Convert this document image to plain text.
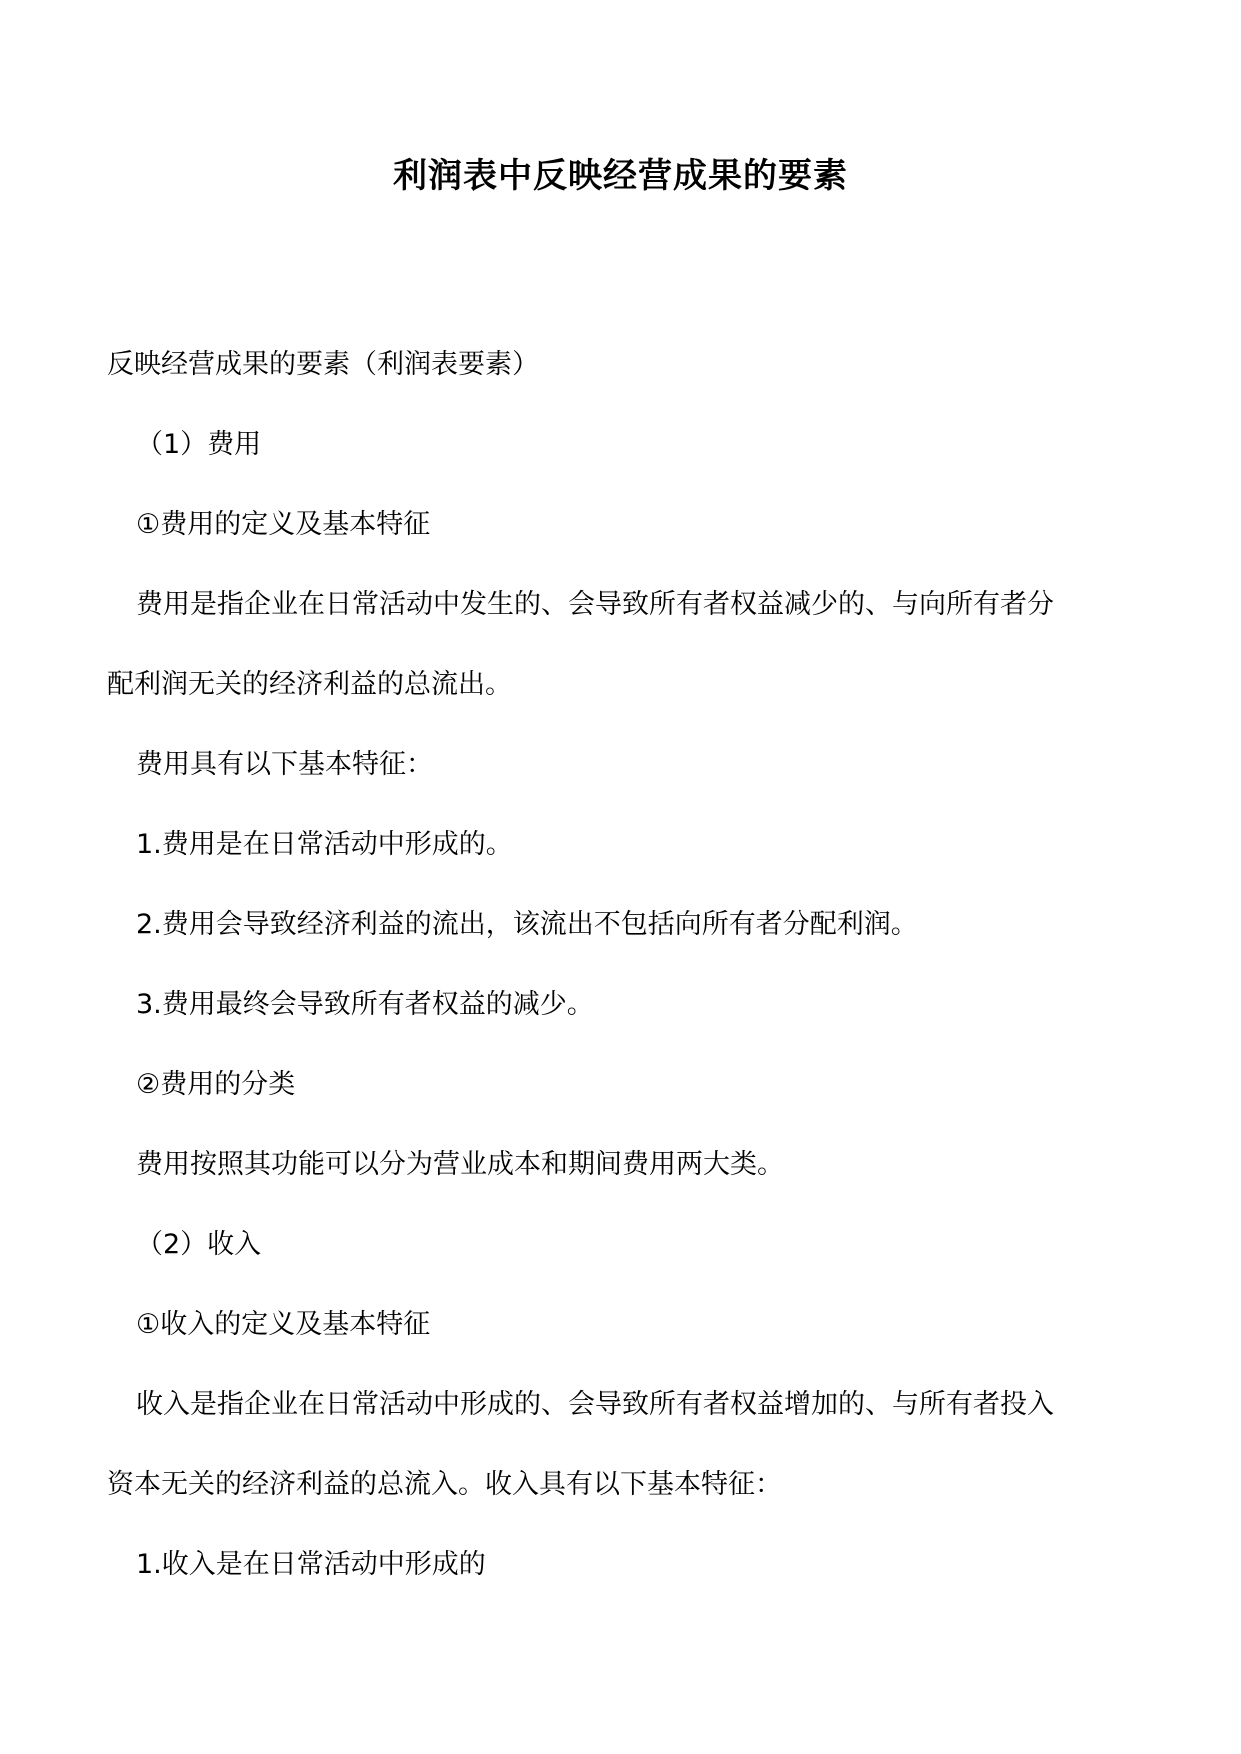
利润表中反映经营成果的要素

反映经营成果的要素（利润表要素）

（1）费用

①费用的定义及基本特征

费用是指企业在日常活动中发生的、会导致所有者权益减少的、与向所有者分

配利润无关的经济利益的总流出。

费用具有以下基本特征：

1.费用是在日常活动中形成的。

2.费用会导致经济利益的流出，该流出不包括向所有者分配利润。

3.费用最终会导致所有者权益的减少。

②费用的分类

费用按照其功能可以分为营业成本和期间费用两大类。

（2）收入

①收入的定义及基本特征

收入是指企业在日常活动中形成的、会导致所有者权益增加的、与所有者投入

资本无关的经济利益的总流入。收入具有以下基本特征：

1.收入是在日常活动中形成的
